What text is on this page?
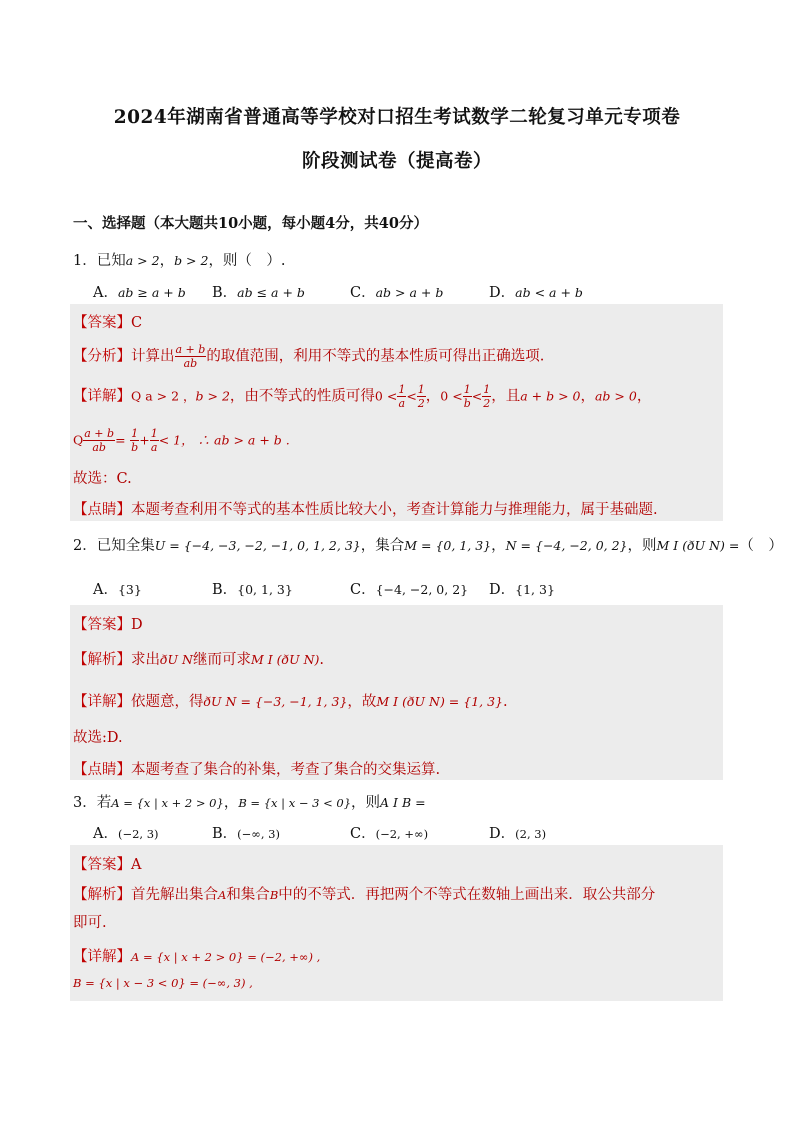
2024年湖南省普通高等学校对口招生考试数学二轮复习单元专项卷
阶段测试卷（提高卷）
一、选择题（本大题共10小题，每小题4分，共40分）
1．已知a > 2，b > 2，则（　）.
A．ab ≥ a + b B．ab ≤ a + b	C．ab > a + b	D．ab < a + b
【答案】C
【分析】计算出 $\frac{a + b}{ab}$ 的取值范围，利用不等式的基本性质可得出正确选项.
【详解】Q a > 2 ，b > 2，由不等式的性质可得$0 < \frac{1}{a} < \frac{1}{2}$ ，$0 < \frac{1}{b} < \frac{1}{2}$ ，且a + b > 0，ab > 0，
Q $\frac{a + b}{ab} = \frac{1}{b} + \frac{1}{a} < 1$， ∴ ab > a + b .
故选：C.
【点睛】本题考查利用不等式的基本性质比较大小，考查计算能力与推理能力，属于基础题.
2．已知全集U = {−4, −3, −2, −1, 0, 1, 2, 3}，集合M = {0, 1, 3}，N = {−4, −2, 0, 2}，则M I (ðU N) =（　）
A．{3}	B．{0, 1, 3}	C．{−4, −2, 0, 2} D．{1, 3}
【答案】D
【解析】求出ðU N继而可求M I (ðU N).
【详解】依题意，得ðU N = {−3, −1, 1, 3}，故M I (ðU N) = {1, 3}.
故选:D.
【点睛】本题考查了集合的补集，考查了集合的交集运算.
3．若A = {x | x + 2 > 0}，B = {x | x − 3 < 0}，则A I B =
A．(−2, 3)	B．(−∞, 3)	C．(−2, +∞)	D．(2, 3)
【答案】A
【解析】首先解出集合A和集合B中的不等式．再把两个不等式在数轴上画出来．取公共部分
即可.
【详解】A = {x | x + 2 > 0} = (−2, +∞) ,
B = {x | x − 3 < 0} = (−∞, 3) ,
